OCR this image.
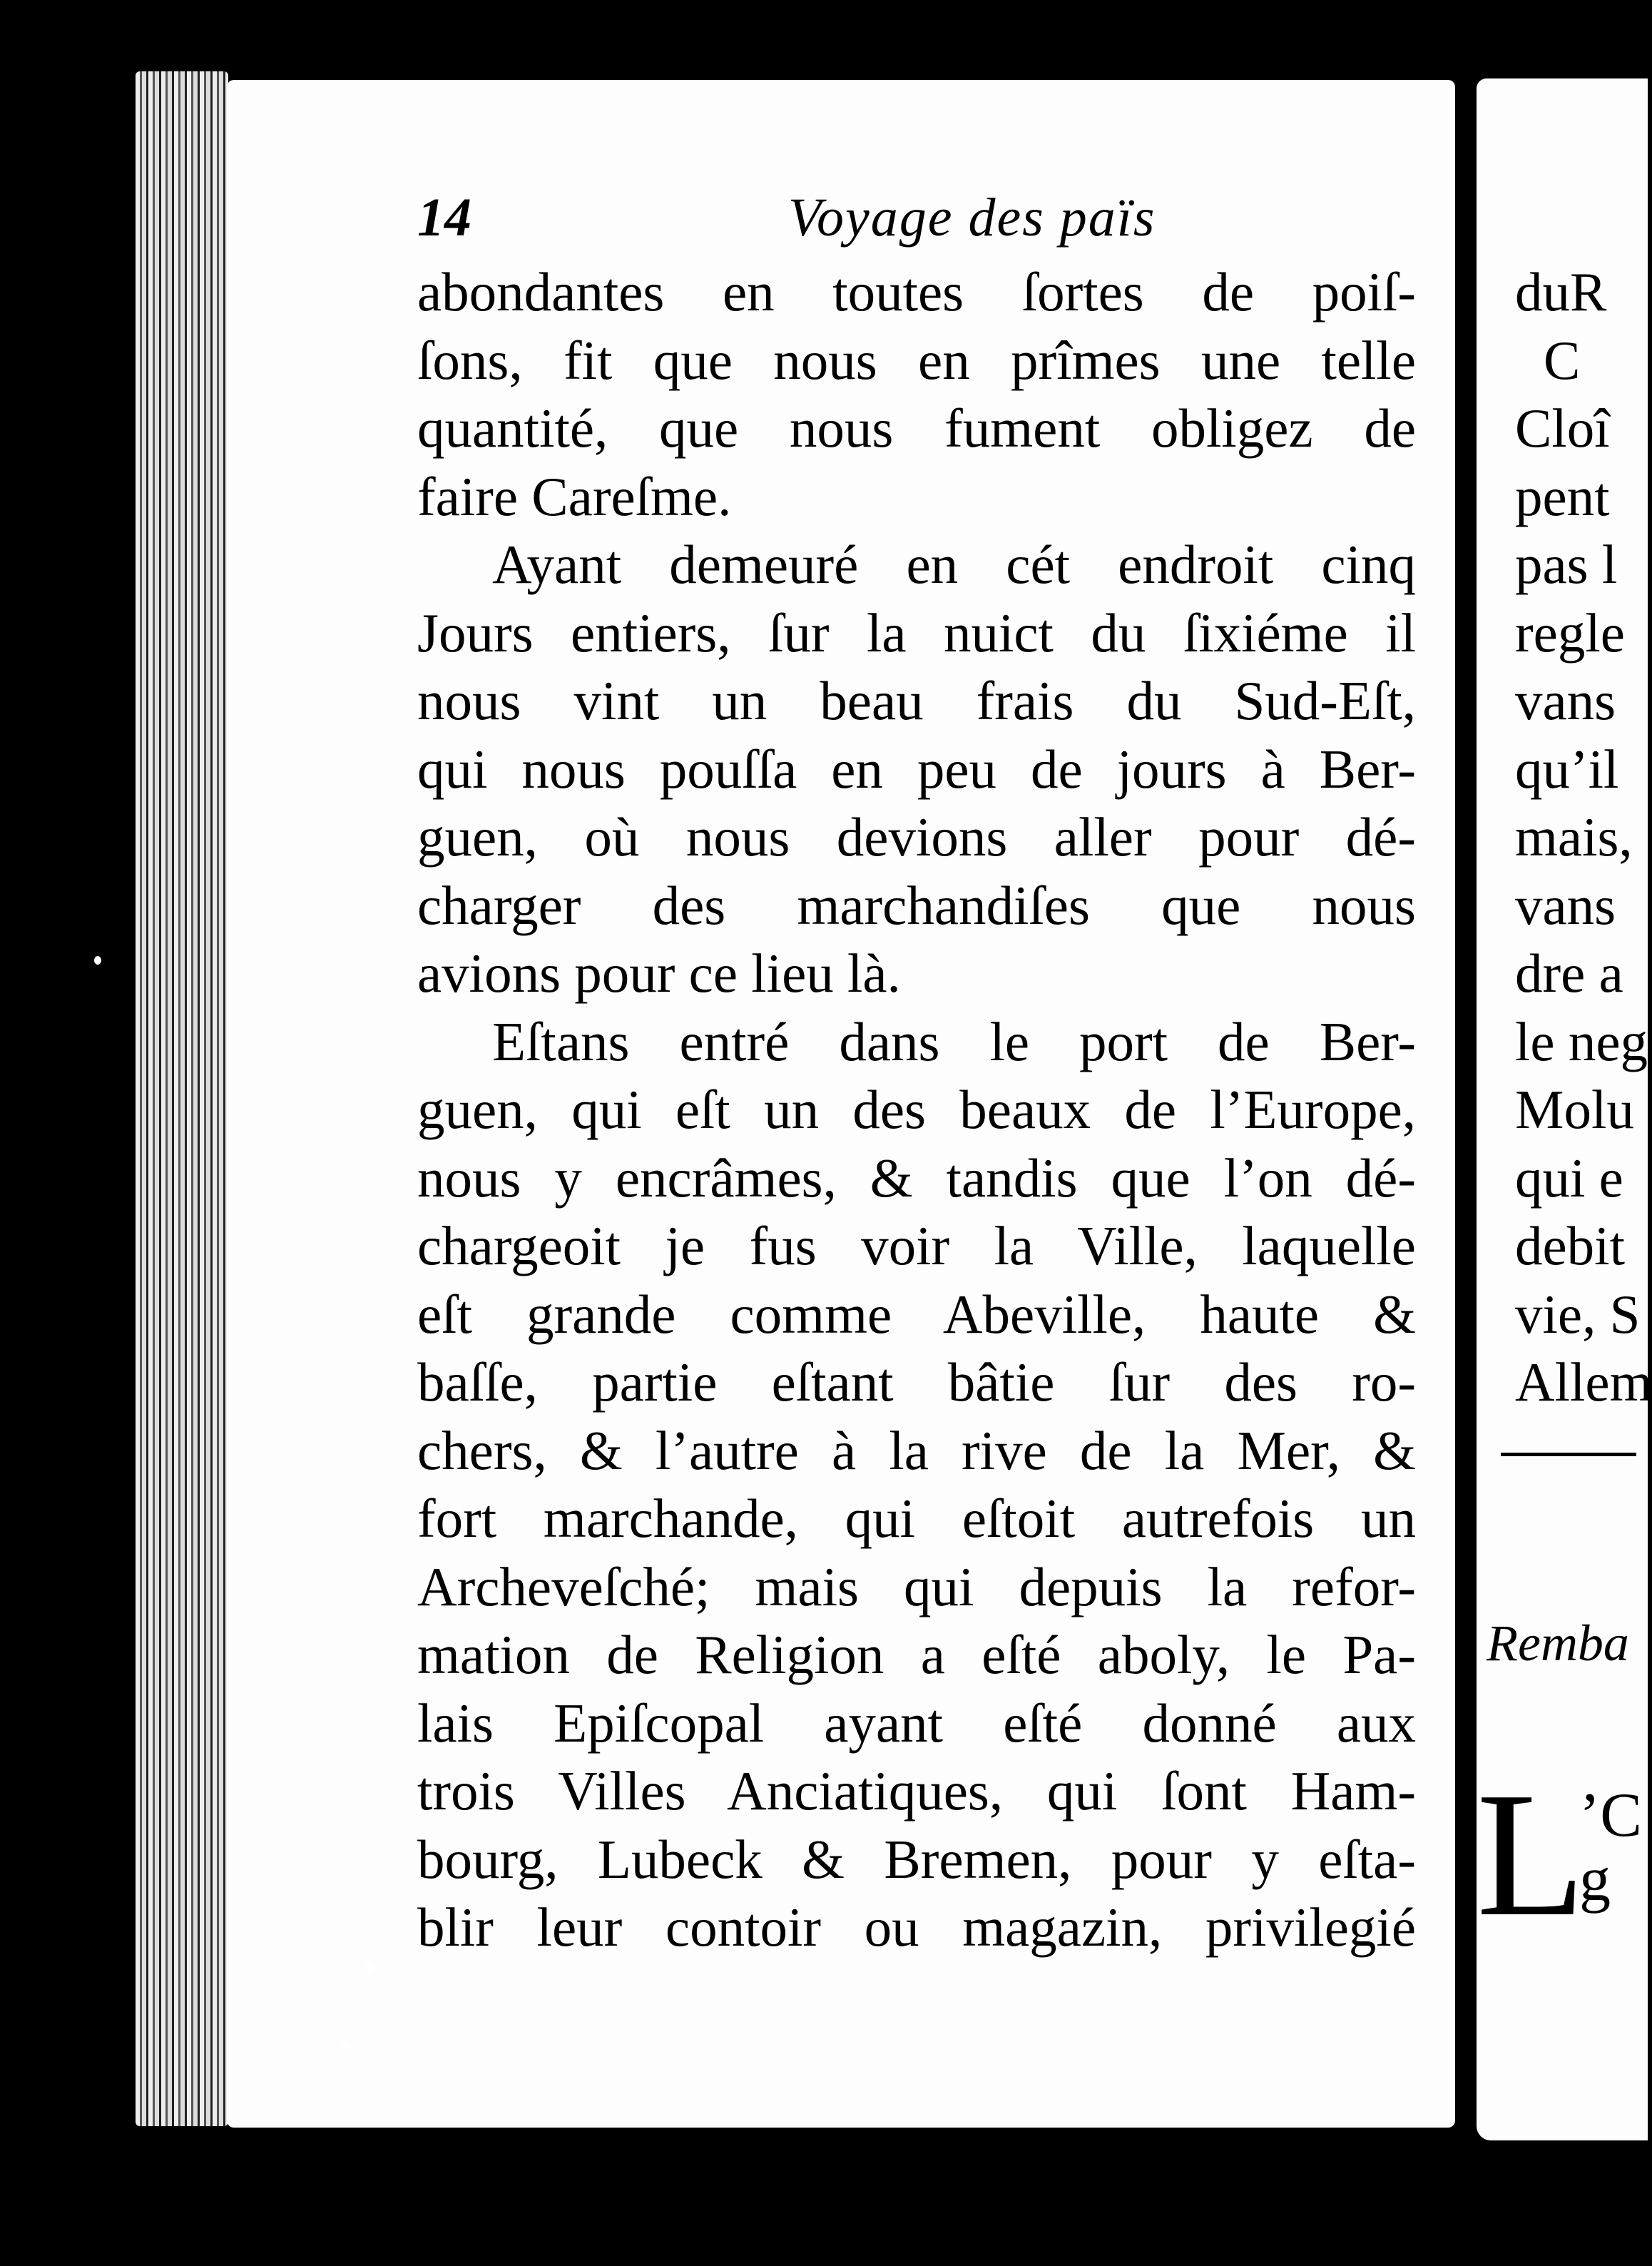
14	Voyage des païs
abondantes en toutes ſortes de poiſ-
ſons, fit que nous en prîmes une telle
quantité, que nous fument obligez de
faire Careſme.
Ayant demeuré en cét endroit cinq
Jours entiers, ſur la nuict du ſixiéme il
nous vint un beau frais du Sud-Eſt,
qui nous pouſſa en peu de jours à Ber-
guen, où nous devions aller pour dé-
charger des marchandiſes que nous
avions pour ce lieu là.
Eſtans entré dans le port de Ber-
guen, qui eſt un des beaux de l’Europe,
nous y encrâmes, & tandis que l’on dé-
chargeoit je fus voir la Ville, laquelle
eſt grande comme Abeville, haute &
baſſe, partie eſtant bâtie ſur des ro-
chers, & l’autre à la rive de la Mer, &
fort marchande, qui eſtoit autrefois un
Archeveſché; mais qui depuis la refor-
mation de Religion a eſté aboly, le Pa-
lais Epiſcopal ayant eſté donné aux
trois Villes Anciatiques, qui ſont Ham-
bourg, Lubeck & Bremen, pour y eſta-
blir leur contoir ou magazin, privilegié
duR
C
Cloî
pent
pas l
regle
vans
qu’il
mais,
vans
dre a
le neg
Molu
qui e
debit
vie, S
Allem
Remba
L
’C
g
